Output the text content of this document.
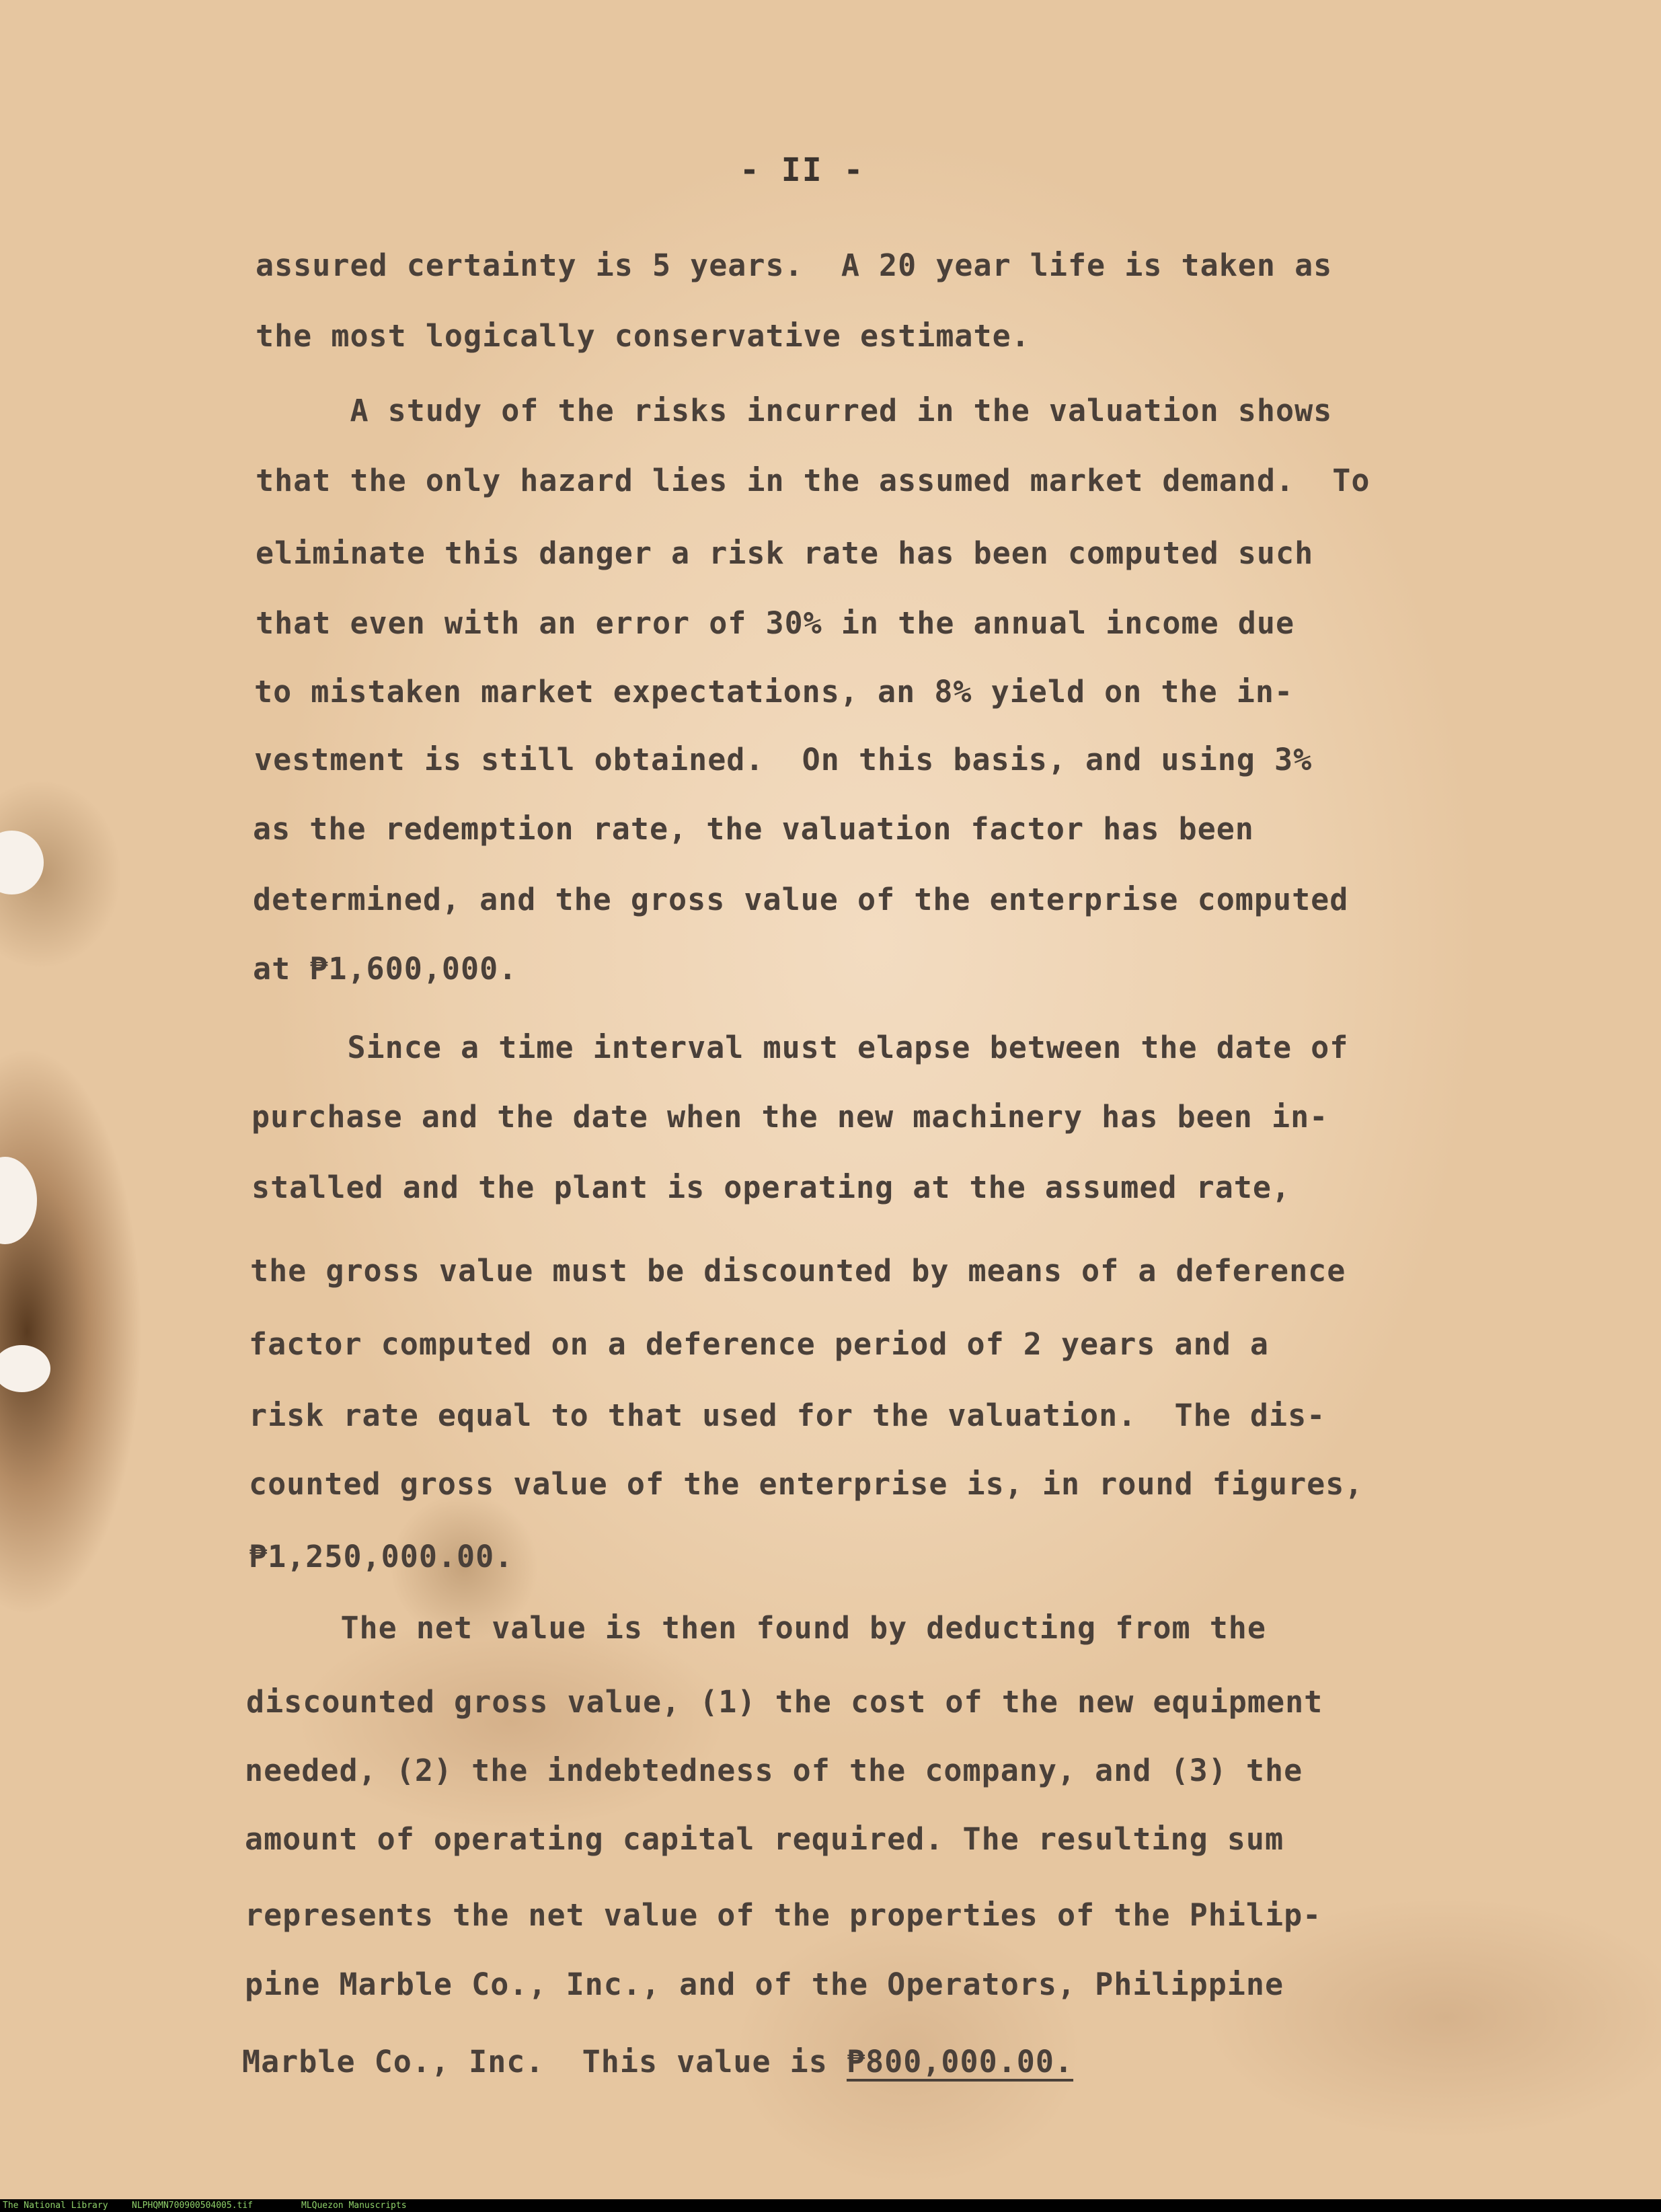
- II -

assured certainty is 5 years.  A 20 year life is taken as

the most logically conservative estimate.

A study of the risks incurred in the valuation shows

that the only hazard lies in the assumed market demand.  To

eliminate this danger a risk rate has been computed such

that even with an error of 30% in the annual income due

to mistaken market expectations, an 8% yield on the in-

vestment is still obtained.  On this basis, and using 3%

as the redemption rate, the valuation factor has been

determined, and the gross value of the enterprise computed

at ₱1,600,000.

Since a time interval must elapse between the date of

purchase and the date when the new machinery has been in-

stalled and the plant is operating at the assumed rate,

the gross value must be discounted by means of a deference

factor computed on a deference period of 2 years and a

risk rate equal to that used for the valuation.  The dis-

counted gross value of the enterprise is, in round figures,

₱1,250,000.00.

The net value is then found by deducting from the

discounted gross value, (1) the cost of the new equipment

needed, (2) the indebtedness of the company, and (3) the

amount of operating capital required. The resulting sum

represents the net value of the properties of the Philip-

pine Marble Co., Inc., and of the Operators, Philippine

Marble Co., Inc.  This value is ₱800,000.00.

The National Library

	NLPHQMN700900504005.tif

	MLQuezon Manuscripts
